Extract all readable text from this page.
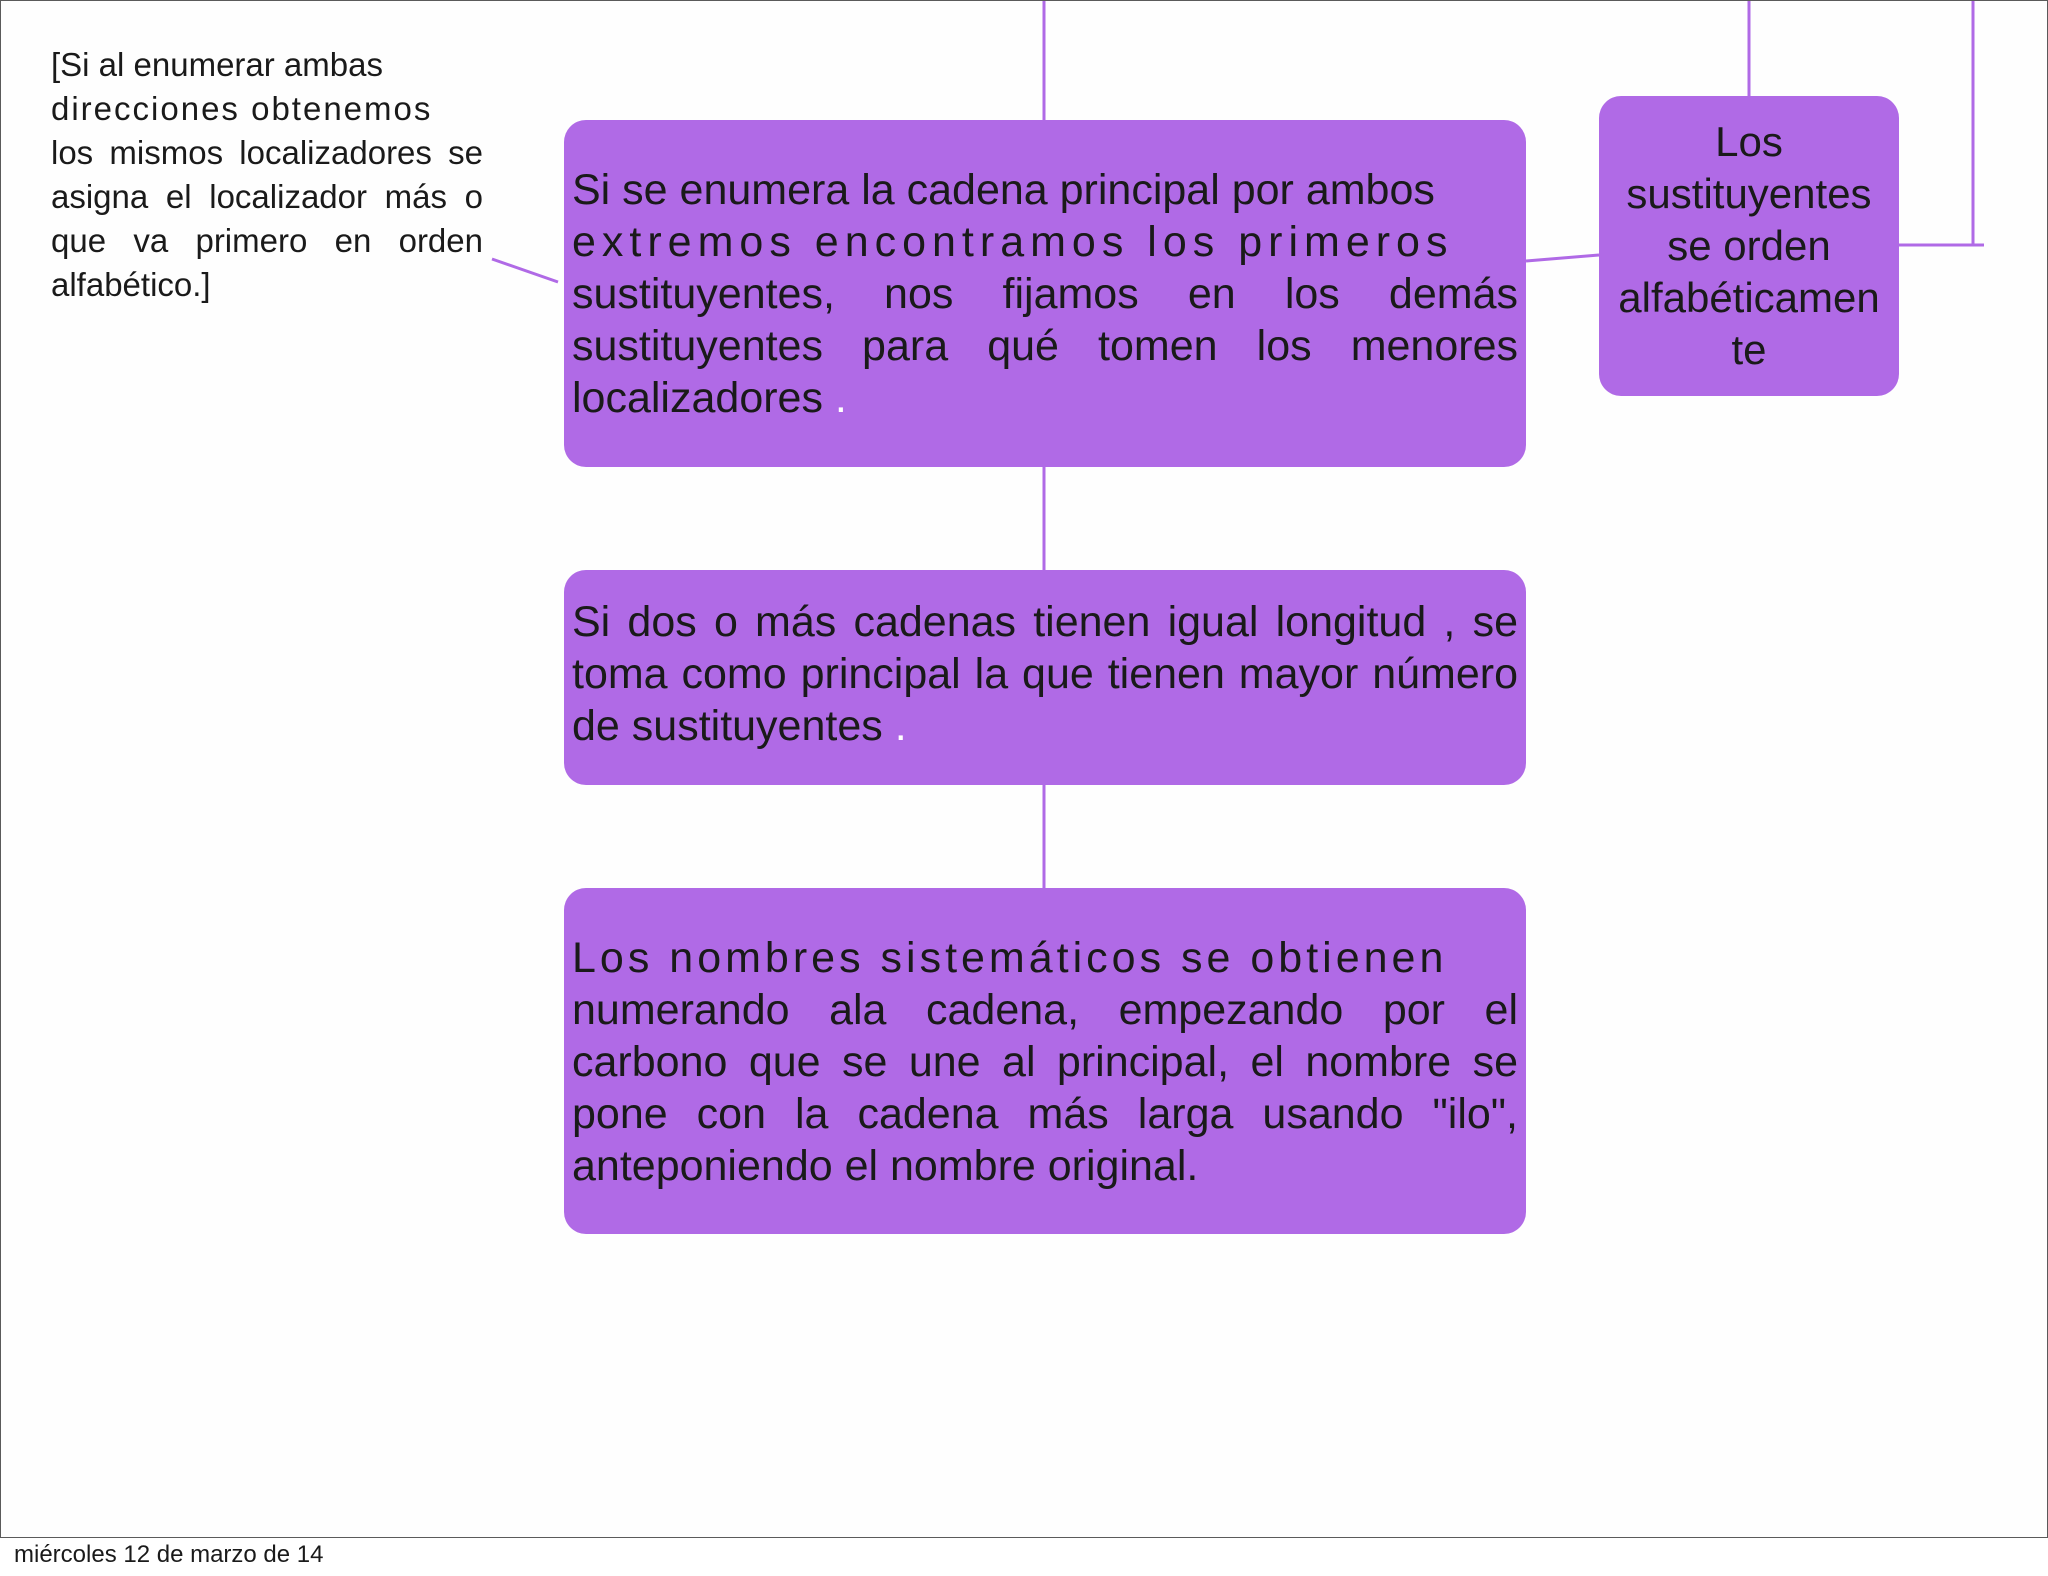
[Si al enumerar ambas
direcciones obtenemos
los mismos localizadores se asigna el localizador más o que va primero en orden alfabético.]
Si se enumera la cadena principal por ambos
extremos encontramos los primeros
sustituyentes, nos fijamos en los demás sustituyentes para qué tomen los menores localizadores .
Si dos o más cadenas tienen igual longitud , se toma como principal la que tienen mayor número de sustituyentes .
Los nombres sistemáticos se obtienen
numerando ala cadena, empezando por el carbono que se une al principal, el nombre se pone con la cadena más larga usando "ilo", anteponiendo el nombre original.
Los
sustituyentes
se orden
alfabéticamen
te
miércoles 12 de marzo de 14
